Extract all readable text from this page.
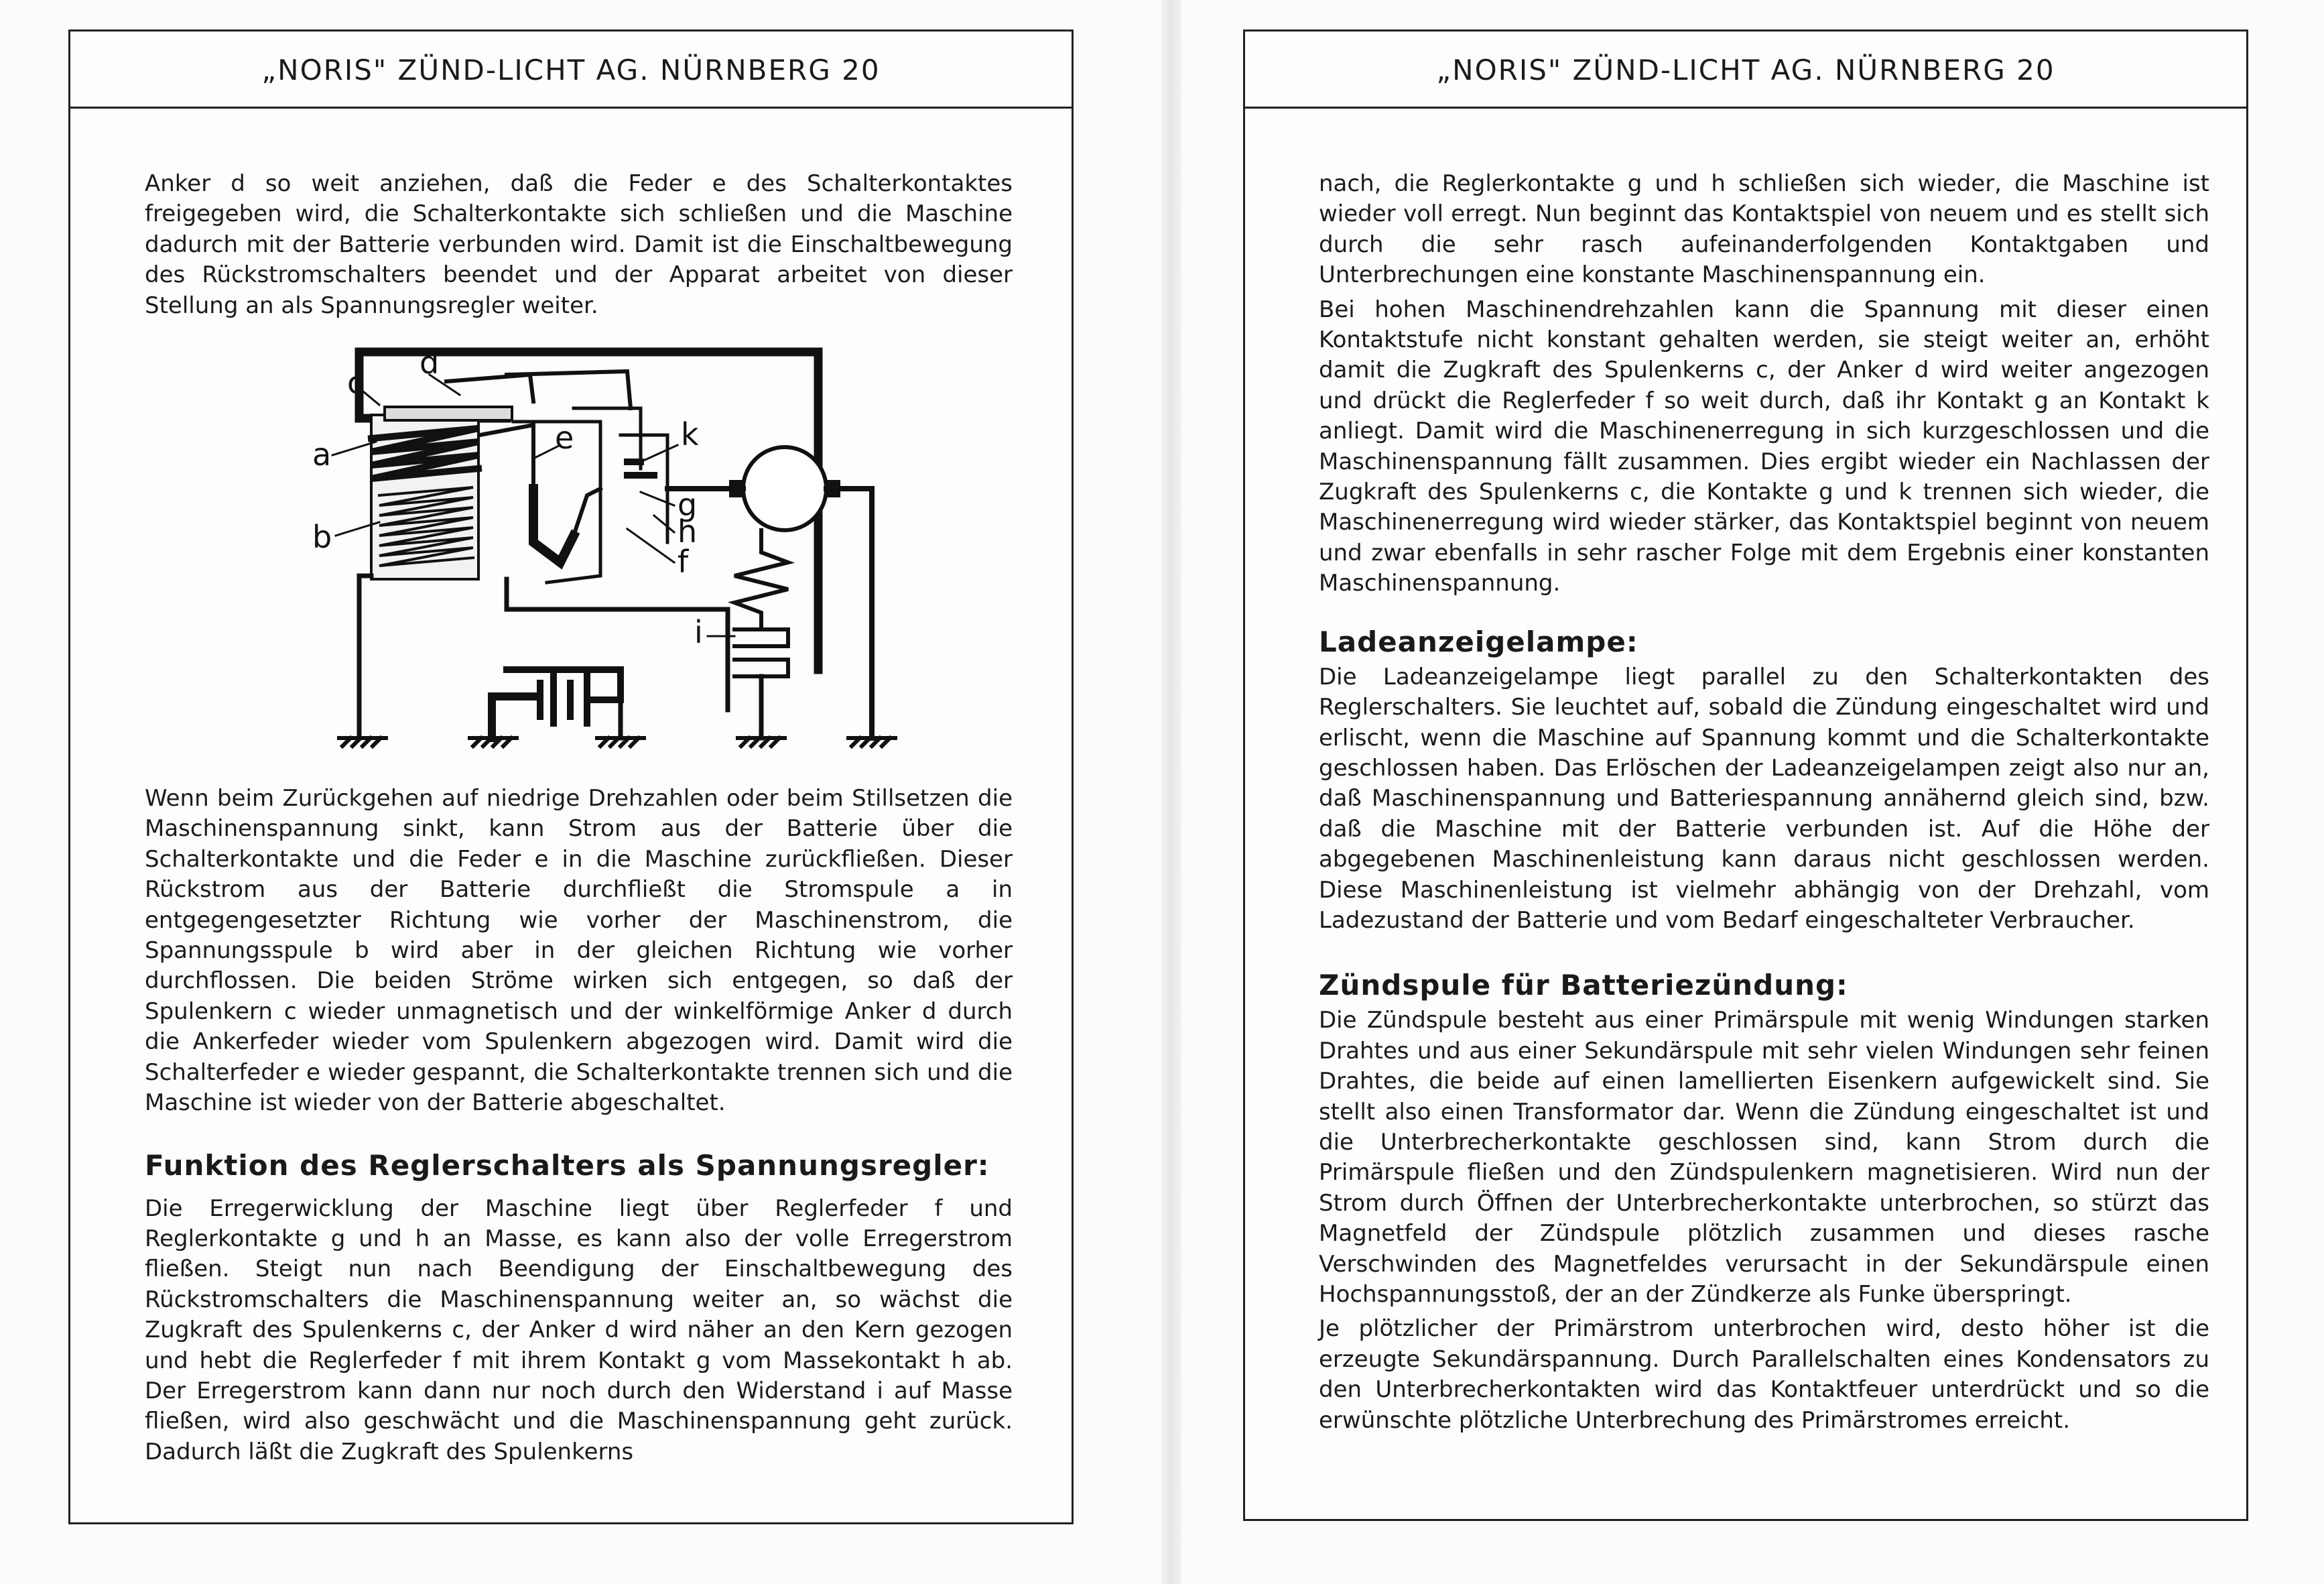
„NORIS" ZÜND-LICHT AG. NÜRNBERG 20

Anker d so weit anziehen, daß die Feder e des Schalterkontaktes freigegeben wird, die Schalterkontakte sich schließen und die Maschine dadurch mit der Batterie verbunden wird. Damit ist die Einschaltbewegung des Rückstromschalters beendet und der Apparat arbeitet von dieser Stellung an als Spannungsregler weiter.

d
c
a
b
e	k
g
h
f
i

Wenn beim Zurückgehen auf niedrige Drehzahlen oder beim Stillsetzen die Maschinenspannung sinkt, kann Strom aus der Batterie über die Schalterkontakte und die Feder e in die Maschine zurückfließen. Dieser Rückstrom aus der Batterie durchfließt die Stromspule a in entgegengesetzter Richtung wie vorher der Maschinenstrom, die Spannungsspule b wird aber in der gleichen Richtung wie vorher durchflossen. Die beiden Ströme wirken sich entgegen, so daß der Spulenkern c wieder unmagnetisch und der winkelförmige Anker d durch die Ankerfeder wieder vom Spulenkern abgezogen wird. Damit wird die Schalterfeder e wieder gespannt, die Schalterkontakte trennen sich und die Maschine ist wieder von der Batterie abgeschaltet.

Funktion des Reglerschalters als Spannungsregler:

Die Erregerwicklung der Maschine liegt über Reglerfeder f und Reglerkontakte g und h an Masse, es kann also der volle Erregerstrom fließen. Steigt nun nach Beendigung der Einschaltbewegung des Rückstromschalters die Maschinenspannung weiter an, so wächst die Zugkraft des Spulenkerns c, der Anker d wird näher an den Kern gezogen und hebt die Reglerfeder f mit ihrem Kontakt g vom Massekontakt h ab. Der Erregerstrom kann dann nur noch durch den Widerstand i auf Masse fließen, wird also geschwächt und die Maschinenspannung geht zurück. Dadurch läßt die Zugkraft des Spulenkerns

„NORIS" ZÜND-LICHT AG. NÜRNBERG 20

nach, die Reglerkontakte g und h schließen sich wieder, die Maschine ist wieder voll erregt. Nun beginnt das Kontaktspiel von neuem und es stellt sich durch die sehr rasch aufeinanderfolgenden Kontaktgaben und Unterbrechungen eine konstante Maschinenspannung ein.

Bei hohen Maschinendrehzahlen kann die Spannung mit dieser einen Kontaktstufe nicht konstant gehalten werden, sie steigt weiter an, erhöht damit die Zugkraft des Spulenkerns c, der Anker d wird weiter angezogen und drückt die Reglerfeder f so weit durch, daß ihr Kontakt g an Kontakt k anliegt. Damit wird die Maschinenerregung in sich kurzgeschlossen und die Maschinenspannung fällt zusammen. Dies ergibt wieder ein Nachlassen der Zugkraft des Spulenkerns c, die Kontakte g und k trennen sich wieder, die Maschinenerregung wird wieder stärker, das Kontaktspiel beginnt von neuem und zwar ebenfalls in sehr rascher Folge mit dem Ergebnis einer konstanten Maschinenspannung.

Ladeanzeigelampe:

Die Ladeanzeigelampe liegt parallel zu den Schalterkontakten des Reglerschalters. Sie leuchtet auf, sobald die Zündung eingeschaltet wird und erlischt, wenn die Maschine auf Spannung kommt und die Schalterkontakte geschlossen haben. Das Erlöschen der Ladeanzeigelampen zeigt also nur an, daß Maschinenspannung und Batteriespannung annähernd gleich sind, bzw. daß die Maschine mit der Batterie verbunden ist. Auf die Höhe der abgegebenen Maschinenleistung kann daraus nicht geschlossen werden. Diese Maschinenleistung ist vielmehr abhängig von der Drehzahl, vom Ladezustand der Batterie und vom Bedarf eingeschalteter Verbraucher.

Zündspule für Batteriezündung:

Die Zündspule besteht aus einer Primärspule mit wenig Windungen starken Drahtes und aus einer Sekundärspule mit sehr vielen Windungen sehr feinen Drahtes, die beide auf einen lamellierten Eisenkern aufgewickelt sind. Sie stellt also einen Transformator dar. Wenn die Zündung eingeschaltet ist und die Unterbrecherkontakte geschlossen sind, kann Strom durch die Primärspule fließen und den Zündspulenkern magnetisieren. Wird nun der Strom durch Öffnen der Unterbrecherkontakte unterbrochen, so stürzt das Magnetfeld der Zündspule plötzlich zusammen und dieses rasche Verschwinden des Magnetfeldes verursacht in der Sekundärspule einen Hochspannungsstoß, der an der Zündkerze als Funke überspringt.

Je plötzlicher der Primärstrom unterbrochen wird, desto höher ist die erzeugte Sekundärspannung. Durch Parallelschalten eines Kondensators zu den Unterbrecherkontakten wird das Kontaktfeuer unterdrückt und so die erwünschte plötzliche Unterbrechung des Primärstromes erreicht.
